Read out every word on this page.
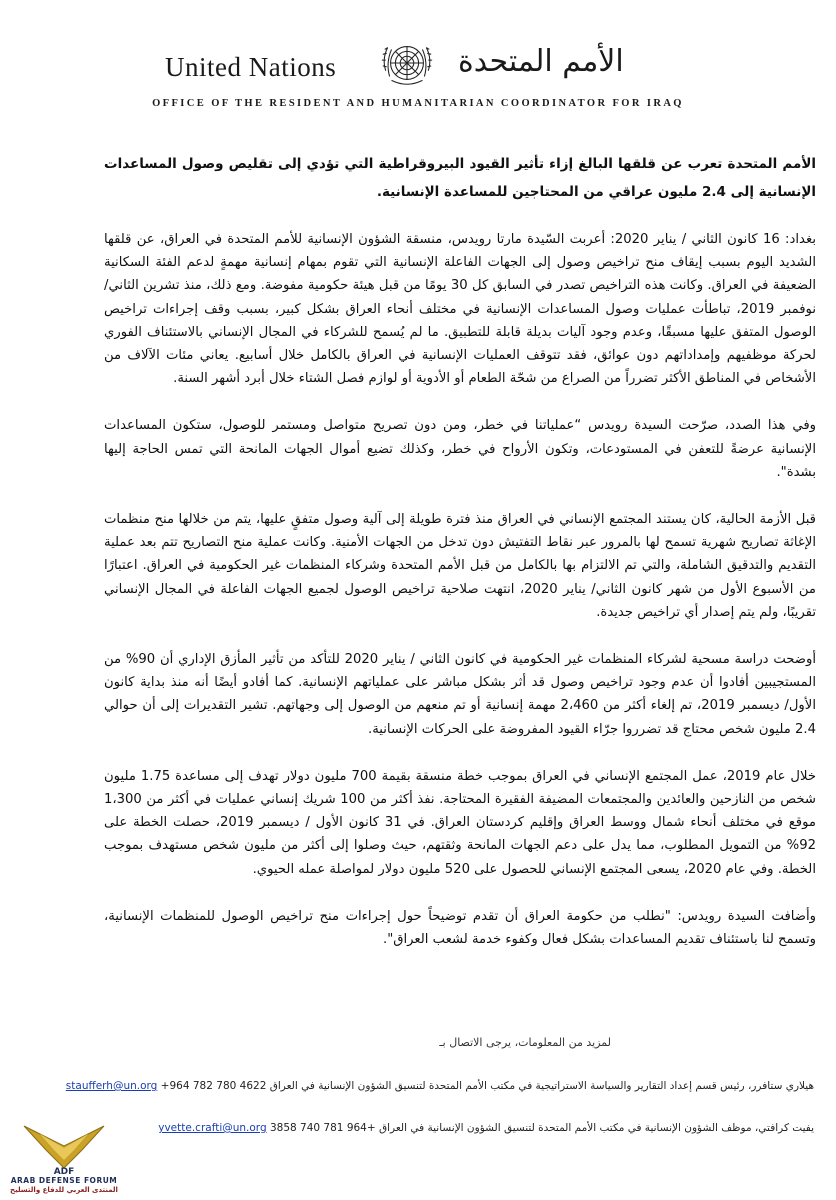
United Nations	الأمم المتحدة
OFFICE OF THE RESIDENT AND HUMANITARIAN COORDINATOR FOR IRAQ

الأمم المتحدة تعرب عن قلقها البالغ إزاء تأثير القيود البيروقراطية التي تؤدي إلى تقليص وصول المساعدات الإنسانية إلى 2.4 مليون عراقي من المحتاجين للمساعدة الإنسانية.

بغداد: 16 كانون الثاني / يناير 2020: أعربت السّيدة مارتا رويدس، منسقة الشؤون الإنسانية للأمم المتحدة في العراق، عن قلقها الشديد اليوم بسبب إيقاف منح تراخيص وصول إلى الجهات الفاعلة الإنسانية التي تقوم بمهام إنسانية مهمةٍ لدعم الفئة السكانية الضعيفة في العراق. وكانت هذه التراخيص تصدر في السابق كل 30 يومًا من قبل هيئة حكومية مفوضة. ومع ذلك، منذ تشرين الثاني/ نوفمبر 2019، تباطأت عمليات وصول المساعدات الإنسانية في مختلف أنحاء العراق بشكل كبير، بسبب وقف إجراءات تراخيص الوصول المتفق عليها مسبقًا، وعدم وجود آليات بديلة قابلة للتطبيق. ما لم يُسمح للشركاء في المجال الإنساني بالاستئناف الفوري لحركة موظفيهم وإمداداتهم دون عوائق، فقد تتوقف العمليات الإنسانية في العراق بالكامل خلال أسابيع. يعاني مئات الآلاف من الأشخاص في المناطق الأكثر تضرراً من الصراع من شحّة الطعام أو الأدوية أو لوازم فصل الشتاء خلال أبرد أشهر السنة.

وفي هذا الصدد، صرّحت السيدة رويدس “عملياتنا في خطر، ومن دون تصريح متواصل ومستمر للوصول، ستكون المساعدات الإنسانية عرضةً للتعفن في المستودعات، وتكون الأرواح في خطر، وكذلك تضيع أموال الجهات المانحة التي تمس الحاجة إليها بشدة".

قبل الأزمة الحالية، كان يستند المجتمع الإنساني في العراق منذ فترة طويلة إلى آلية وصول متفقٍ عليها، يتم من خلالها منح منظمات الإغاثة تصاريح شهرية تسمح لها بالمرور عبر نقاط التفتيش دون تدخل من الجهات الأمنية. وكانت عملية منح التصاريح تتم بعد عملية التقديم والتدقيق الشاملة، والتي تم الالتزام بها بالكامل من قبل الأمم المتحدة وشركاء المنظمات غير الحكومية في العراق. اعتبارًا من الأسبوع الأول من شهر كانون الثاني/ يناير 2020، انتهت صلاحية تراخيص الوصول لجميع الجهات الفاعلة في المجال الإنساني تقريبًا، ولم يتم إصدار أي تراخيص جديدة.

أوضحت دراسة مسحية لشركاء المنظمات غير الحكومية في كانون الثاني / يناير 2020 للتأكد من تأثير المأزق الإداري أن 90% من المستجيبين أفادوا أن عدم وجود تراخيص وصول قد أثر بشكل مباشر على عملياتهم الإنسانية. كما أفادو أيضًا أنه منذ بداية كانون الأول/ ديسمبر 2019، تم إلغاء أكثر من 2،460 مهمة إنسانية أو تم منعهم من الوصول إلى وجهاتهم. تشير التقديرات إلى أن حوالي 2.4 مليون شخص محتاج قد تضرروا جرّاء القيود المفروضة على الحركات الإنسانية.

خلال عام 2019، عمل المجتمع الإنساني في العراق بموجب خطة منسقة بقيمة 700 مليون دولار تهدف إلى مساعدة 1.75 مليون شخص من النازحين والعائدين والمجتمعات المضيفة الفقيرة المحتاجة. نفذ أكثر من 100 شريك إنساني عمليات في أكثر من 1،300 موقع في مختلف أنحاء شمال ووسط العراق وإقليم كردستان العراق. في 31 كانون الأول / ديسمبر 2019، حصلت الخطة على 92% من التمويل المطلوب، مما يدل على دعم الجهات المانحة وثقتهم، حيث وصلوا إلى أكثر من مليون شخص مستهدف بموجب الخطة. وفي عام 2020، يسعى المجتمع الإنساني للحصول على 520 مليون دولار لمواصلة عمله الحيوي.

وأضافت السيدة رويدس: "نطلب من حكومة العراق أن تقدم توضيحاً حول إجراءات منح تراخيص الوصول للمنظمات الإنسانية، وتسمح لنا باستئناف تقديم المساعدات بشكل فعال وكفوء خدمة لشعب العراق".

لمزيد من المعلومات، يرجى الاتصال بـ
هيلاري ستافرر، رئيس قسم إعداد التقارير والسياسة الاستراتيجية في مكتب الأمم المتحدة لتنسيق الشؤون الإنسانية في العراق 4622 780 782 964+ staufferh@un.org
يفيت كرافتي، موظف الشؤون الإنسانية في مكتب الأمم المتحدة لتنسيق الشؤون الإنسانية في العراق +964 781 740 3858 yvette.crafti@un.org
ADF
ARAB DEFENSE FORUM
المنتدى العربي للدفاع والتسليح
